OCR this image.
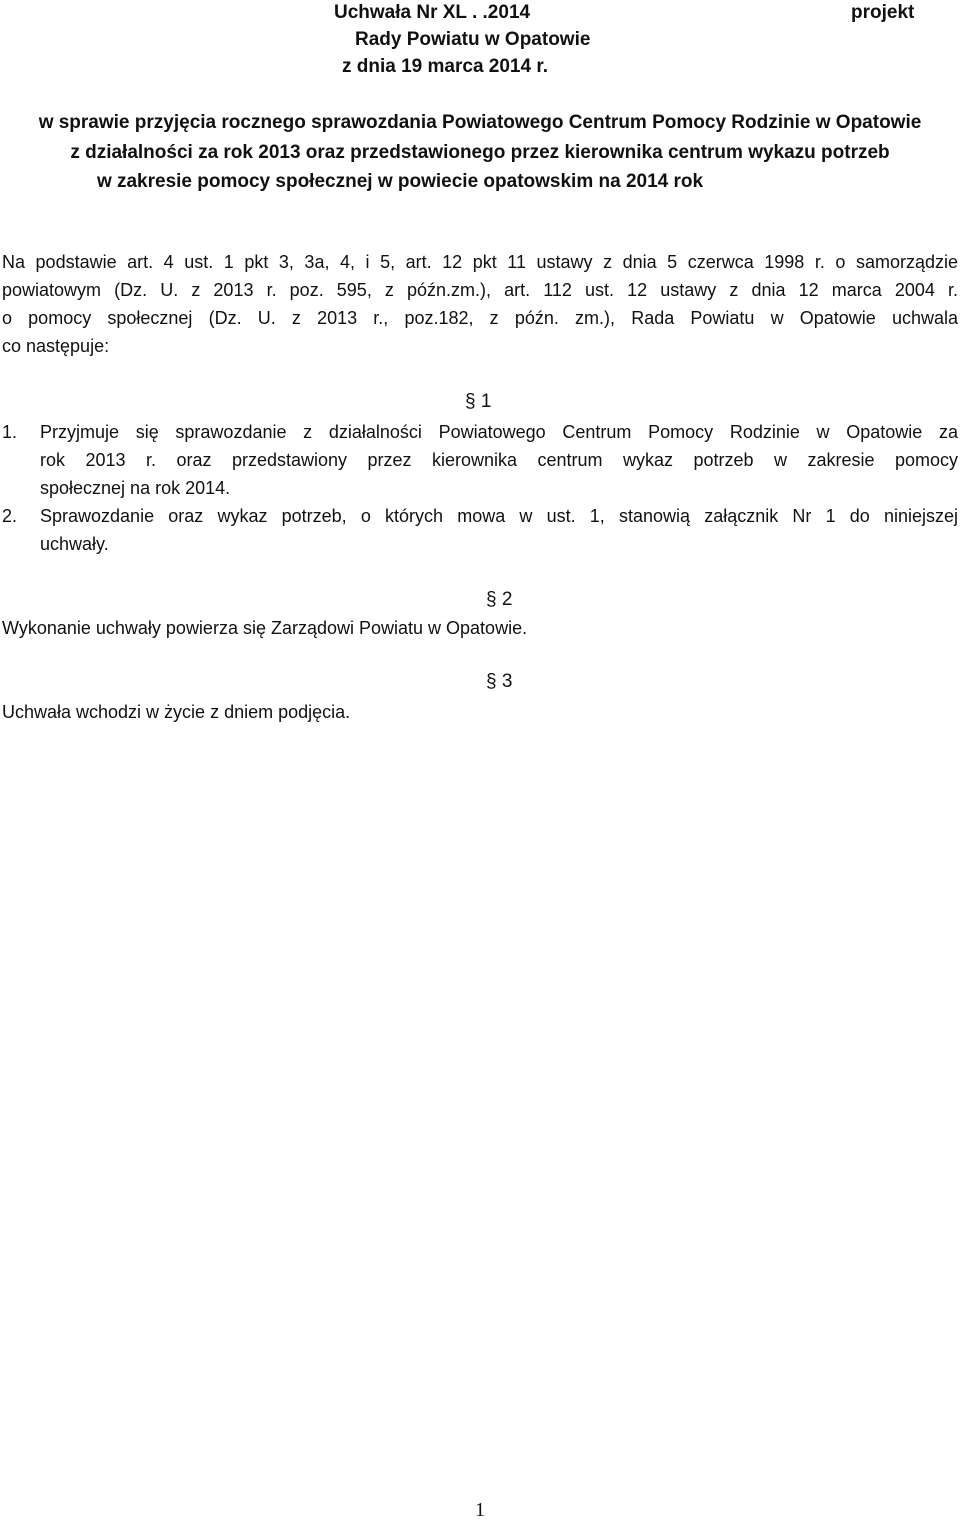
Uchwała Nr XL . .2014	projekt
Rady Powiatu w Opatowie
z dnia 19 marca 2014 r.
w sprawie przyjęcia rocznego sprawozdania Powiatowego Centrum Pomocy Rodzinie w Opatowie
z działalności za rok 2013 oraz przedstawionego przez kierownika centrum wykazu potrzeb
w zakresie pomocy społecznej w powiecie opatowskim na 2014 rok
Na podstawie art. 4 ust. 1 pkt 3, 3a, 4, i 5, art. 12 pkt 11 ustawy z dnia 5 czerwca 1998 r. o samorządzie
powiatowym (Dz. U. z 2013 r. poz. 595, z późn.zm.), art. 112 ust. 12 ustawy z dnia 12 marca 2004 r.
o pomocy społecznej (Dz. U. z 2013 r., poz.182, z późn. zm.), Rada Powiatu w Opatowie uchwala
co następuje:
§ 1
1. Przyjmuje się sprawozdanie z działalności Powiatowego Centrum Pomocy Rodzinie w Opatowie za
rok 2013 r. oraz przedstawiony przez kierownika centrum wykaz potrzeb w zakresie pomocy
społecznej na rok 2014.
2. Sprawozdanie oraz wykaz potrzeb, o których mowa w ust. 1, stanowią załącznik Nr 1 do niniejszej
uchwały.
§ 2
Wykonanie uchwały powierza się Zarządowi Powiatu w Opatowie.
§ 3
Uchwała wchodzi w życie z dniem podjęcia.
1
